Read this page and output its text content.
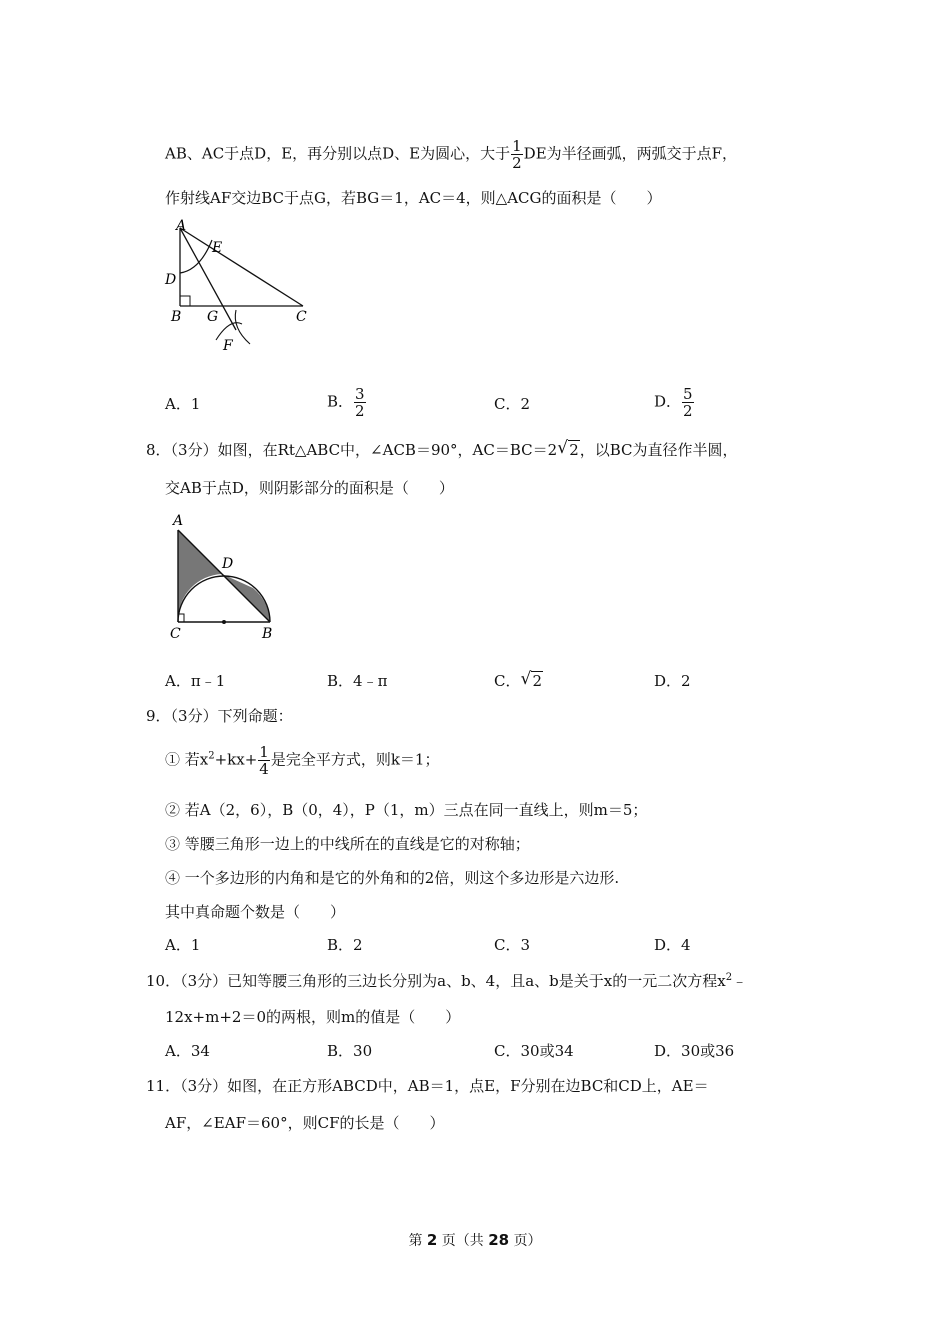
AB、AC于点D，E，再分别以点D、E为圆心，大于 $\frac{1}{2}$ DE为半径画弧，两弧交于点F，
作射线AF交边BC于点G，若BG＝1，AC＝4，则△ACG的面积是（　　）
A
E
D
B G	C
F
A．1	B． $\frac{3}{2}$	C．2	D． $\frac{5}{2}$
8．（3分）如图，在Rt△ABC中，∠ACB＝90°，AC＝BC＝2 √ 2，以BC为直径作半圆，
交AB于点D，则阴影部分的面积是（　　）
A
D
C	B
A．π﹣1	B．4﹣π	C． √ 2	D．2
9．（3分）下列命题：
① 若$x^2+kx+ \frac{1}{4}$ 是完全平方式，则k＝1；
② 若A（2，6），B（0，4），P（1，m）三点在同一直线上，则m＝5；
③ 等腰三角形一边上的中线所在的直线是它的对称轴；
④ 一个多边形的内角和是它的外角和的2倍，则这个多边形是六边形.
其中真命题个数是（　　）
A．1	B．2	C．3	D．4
10．（3分）已知等腰三角形的三边长分别为a、b、4，且a、b是关于x的一元二次方程$x^2﹣$
12x+m+2＝0的两根，则m的值是（　　）
A．34	B．30	C．30或34	D．30或36
11．（3分）如图，在正方形ABCD中，AB＝1，点E，F分别在边BC和CD上，AE＝
AF，∠EAF＝60°，则CF的长是（　　）
第 2 页（共 28 页）
